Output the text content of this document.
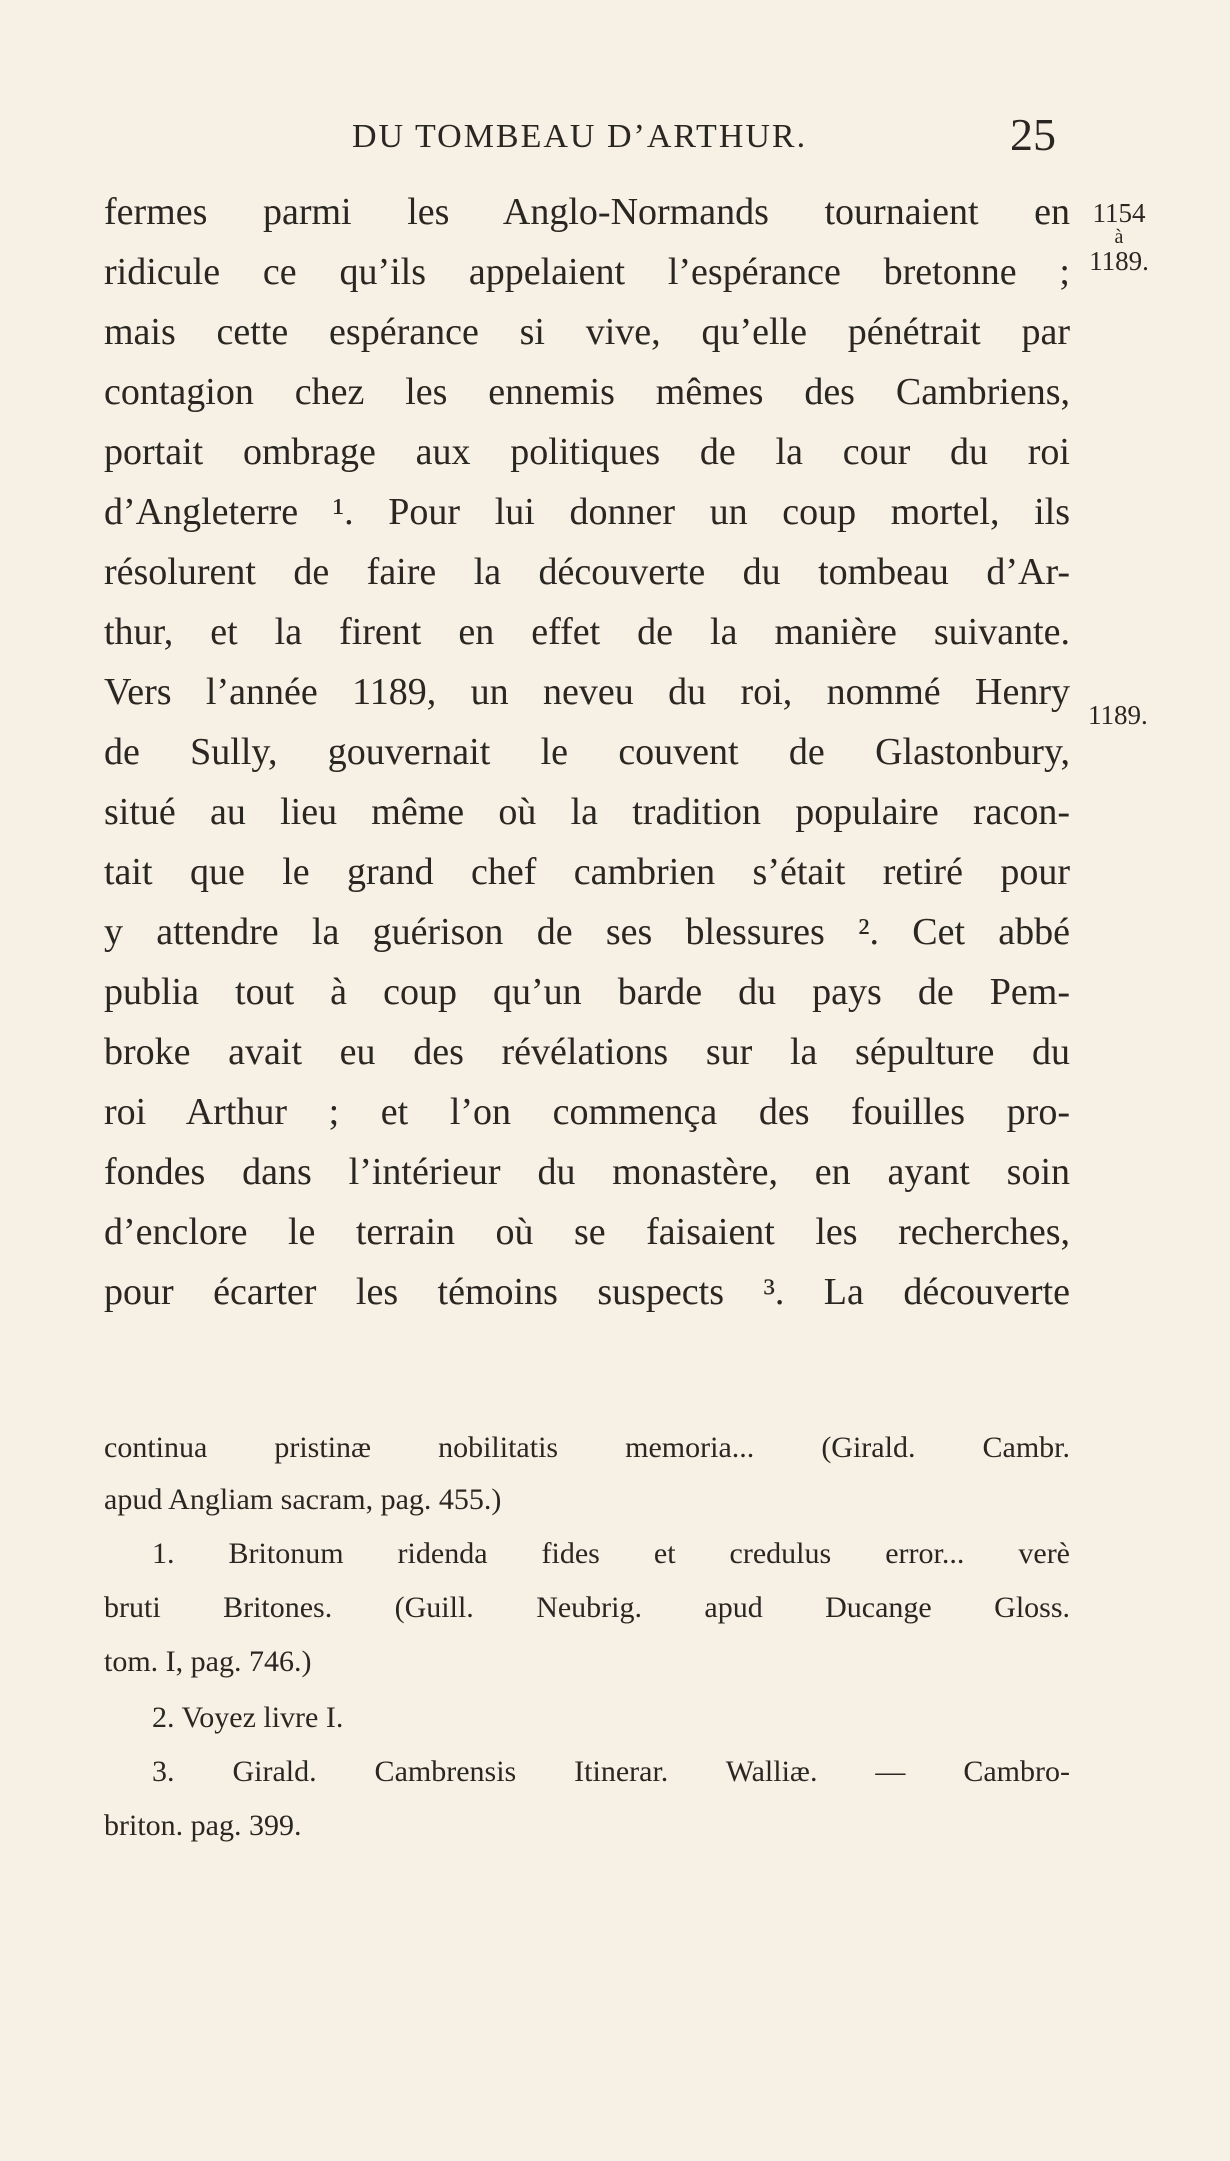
DU TOMBEAU D’ARTHUR.	25
1154
à
1189.
1189.
fermes parmi les Anglo-Normands tournaient en
ridicule ce qu’ils appelaient l’espérance bretonne ;
mais cette espérance si vive, qu’elle pénétrait par
contagion chez les ennemis mêmes des Cambriens,
portait ombrage aux politiques de la cour du roi
d’Angleterre ¹. Pour lui donner un coup mortel, ils
résolurent de faire la découverte du tombeau d’Ar-
thur, et la firent en effet de la manière suivante.
Vers l’année 1189, un neveu du roi, nommé Henry
de Sully, gouvernait le couvent de Glastonbury,
situé au lieu même où la tradition populaire racon-
tait que le grand chef cambrien s’était retiré pour
y attendre la guérison de ses blessures ². Cet abbé
publia tout à coup qu’un barde du pays de Pem-
broke avait eu des révélations sur la sépulture du
roi Arthur ; et l’on commença des fouilles pro-
fondes dans l’intérieur du monastère, en ayant soin
d’enclore le terrain où se faisaient les recherches,
pour écarter les témoins suspects ³. La découverte
continua pristinæ nobilitatis memoria... (Girald. Cambr.
apud Angliam sacram, pag. 455.)
1. Britonum ridenda fides et credulus error... verè
bruti Britones. (Guill. Neubrig. apud Ducange Gloss.
tom. I, pag. 746.)
2. Voyez livre I.
3. Girald. Cambrensis Itinerar. Walliæ. — Cambro-
briton. pag. 399.
